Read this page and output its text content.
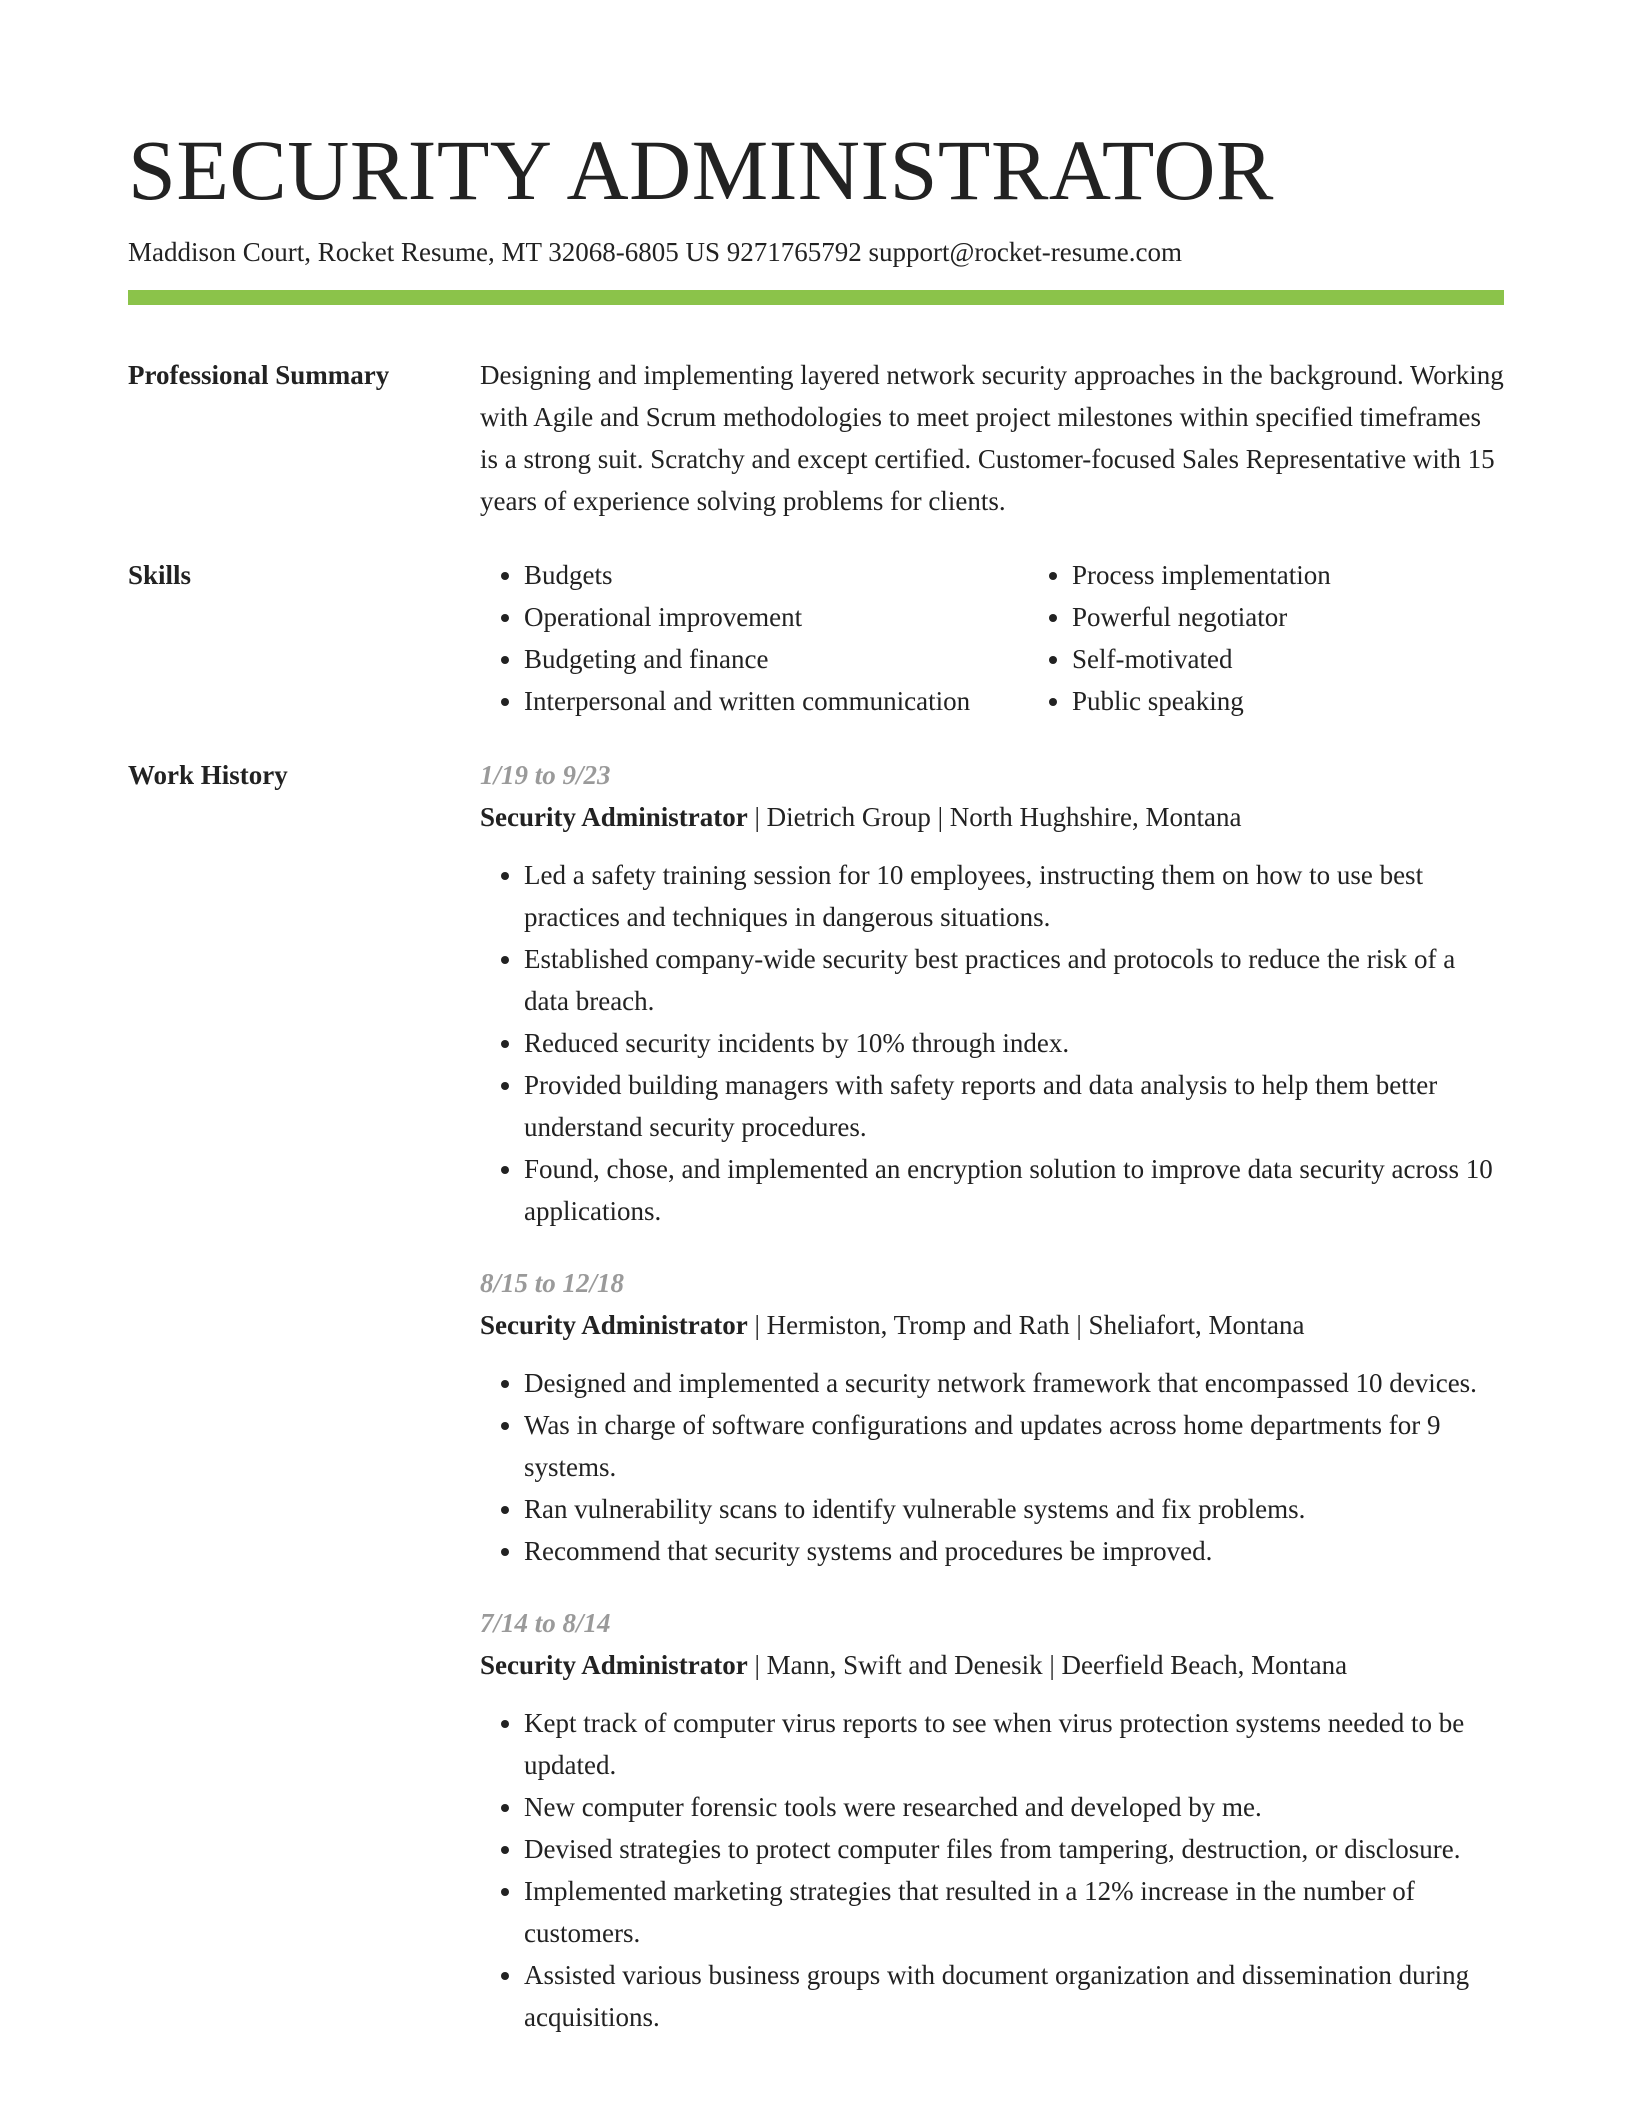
SECURITY ADMINISTRATOR
Maddison Court, Rocket Resume, MT 32068-6805 US 9271765792 support@rocket-resume.com
Professional Summary	Designing and implementing layered network security approaches in the background. Working with Agile and Scrum methodologies to meet project milestones within specified timeframes is a strong suit. Scratchy and except certified. Customer-focused Sales Representative with 15 years of experience solving problems for clients.
Skills
•	Budgets
• Operational improvement
• Budgeting and finance
• Interpersonal and written communication
• Process implementation
• Powerful negotiator
• Self-motivated
• Public speaking
Work History	1/19 to 9/23
Security Administrator | Dietrich Group | North Hughshire, Montana
• Led a safety training session for 10 employees, instructing them on how to use best practices and techniques in dangerous situations.
• Established company-wide security best practices and protocols to reduce the risk of a data breach.
• Reduced security incidents by 10% through index.
• Provided building managers with safety reports and data analysis to help them better understand security procedures.
• Found, chose, and implemented an encryption solution to improve data security across 10 applications.
8/15 to 12/18
Security Administrator | Hermiston, Tromp and Rath | Sheliafort, Montana
• Designed and implemented a security network framework that encompassed 10 devices.
• Was in charge of software configurations and updates across home departments for 9 systems.
• Ran vulnerability scans to identify vulnerable systems and fix problems.
• Recommend that security systems and procedures be improved.
7/14 to 8/14
Security Administrator | Mann, Swift and Denesik | Deerfield Beach, Montana
• Kept track of computer virus reports to see when virus protection systems needed to be updated.
• New computer forensic tools were researched and developed by me.
• Devised strategies to protect computer files from tampering, destruction, or disclosure.
• Implemented marketing strategies that resulted in a 12% increase in the number of customers.
• Assisted various business groups with document organization and dissemination during acquisitions.
